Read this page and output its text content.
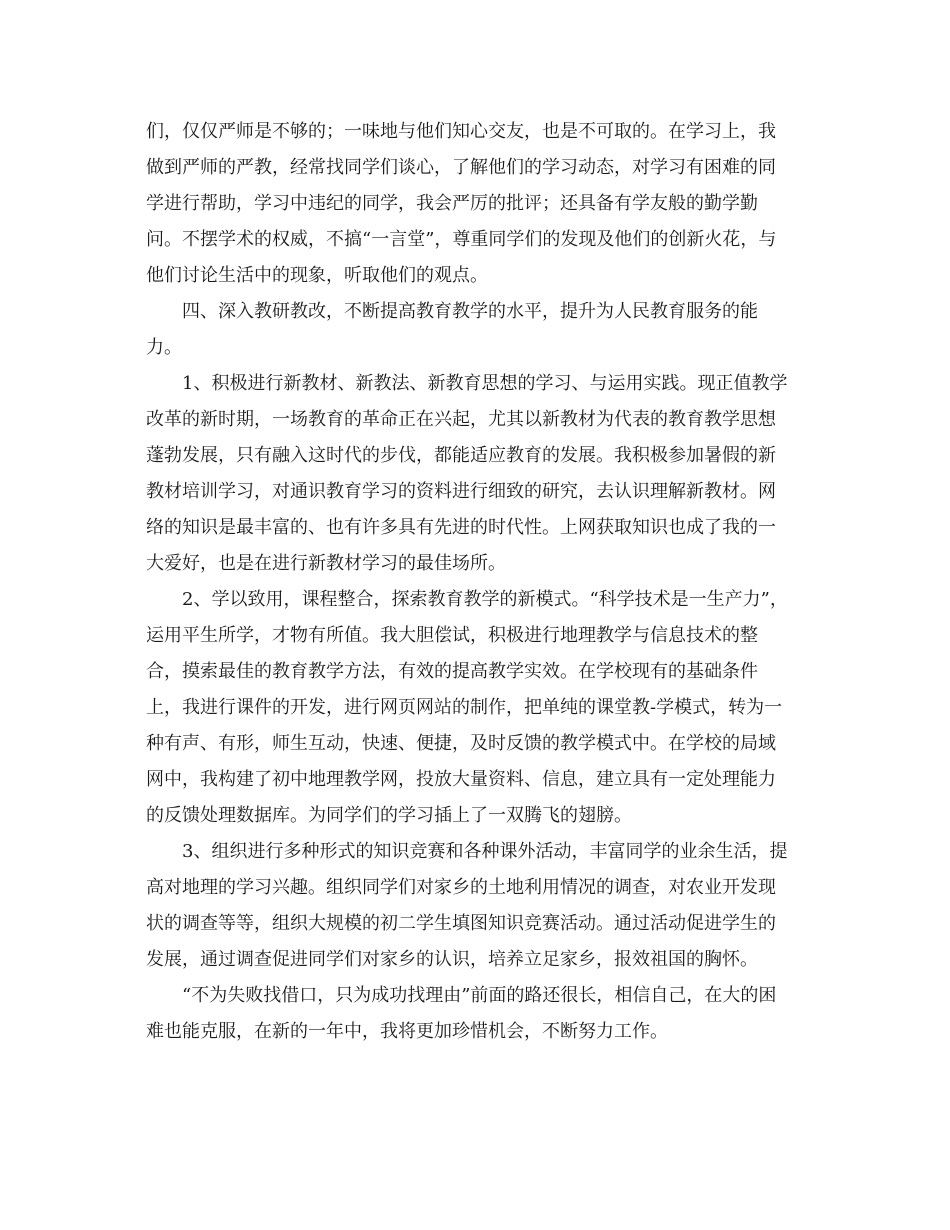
们，仅仅严师是不够的；一味地与他们知心交友，也是不可取的。在学习上，我
做到严师的严教，经常找同学们谈心，了解他们的学习动态，对学习有困难的同
学进行帮助，学习中违纪的同学，我会严厉的批评；还具备有学友般的勤学勤
问。不摆学术的权威，不搞“一言堂”，尊重同学们的发现及他们的创新火花，与
他们讨论生活中的现象，听取他们的观点。
四、深入教研教改，不断提高教育教学的水平，提升为人民教育服务的能
力。
1、积极进行新教材、新教法、新教育思想的学习、与运用实践。现正值教学
改革的新时期，一场教育的革命正在兴起，尤其以新教材为代表的教育教学思想
蓬勃发展，只有融入这时代的步伐，都能适应教育的发展。我积极参加暑假的新
教材培训学习，对通识教育学习的资料进行细致的研究，去认识理解新教材。网
络的知识是最丰富的、也有许多具有先进的时代性。上网获取知识也成了我的一
大爱好，也是在进行新教材学习的最佳场所。
2、学以致用，课程整合，探索教育教学的新模式。“科学技术是一生产力”，
运用平生所学，才物有所值。我大胆偿试，积极进行地理教学与信息技术的整
合，摸索最佳的教育教学方法，有效的提高教学实效。在学校现有的基础条件
上，我进行课件的开发，进行网页网站的制作，把单纯的课堂教-学模式，转为一
种有声、有形，师生互动，快速、便捷，及时反馈的教学模式中。在学校的局域
网中，我构建了初中地理教学网，投放大量资料、信息，建立具有一定处理能力
的反馈处理数据库。为同学们的学习插上了一双腾飞的翅膀。
3、组织进行多种形式的知识竞赛和各种课外活动，丰富同学的业余生活，提
高对地理的学习兴趣。组织同学们对家乡的土地利用情况的调查，对农业开发现
状的调查等等，组织大规模的初二学生填图知识竞赛活动。通过活动促进学生的
发展，通过调查促进同学们对家乡的认识，培养立足家乡，报效祖国的胸怀。
“不为失败找借口，只为成功找理由”前面的路还很长，相信自己，在大的困
难也能克服，在新的一年中，我将更加珍惜机会，不断努力工作。
